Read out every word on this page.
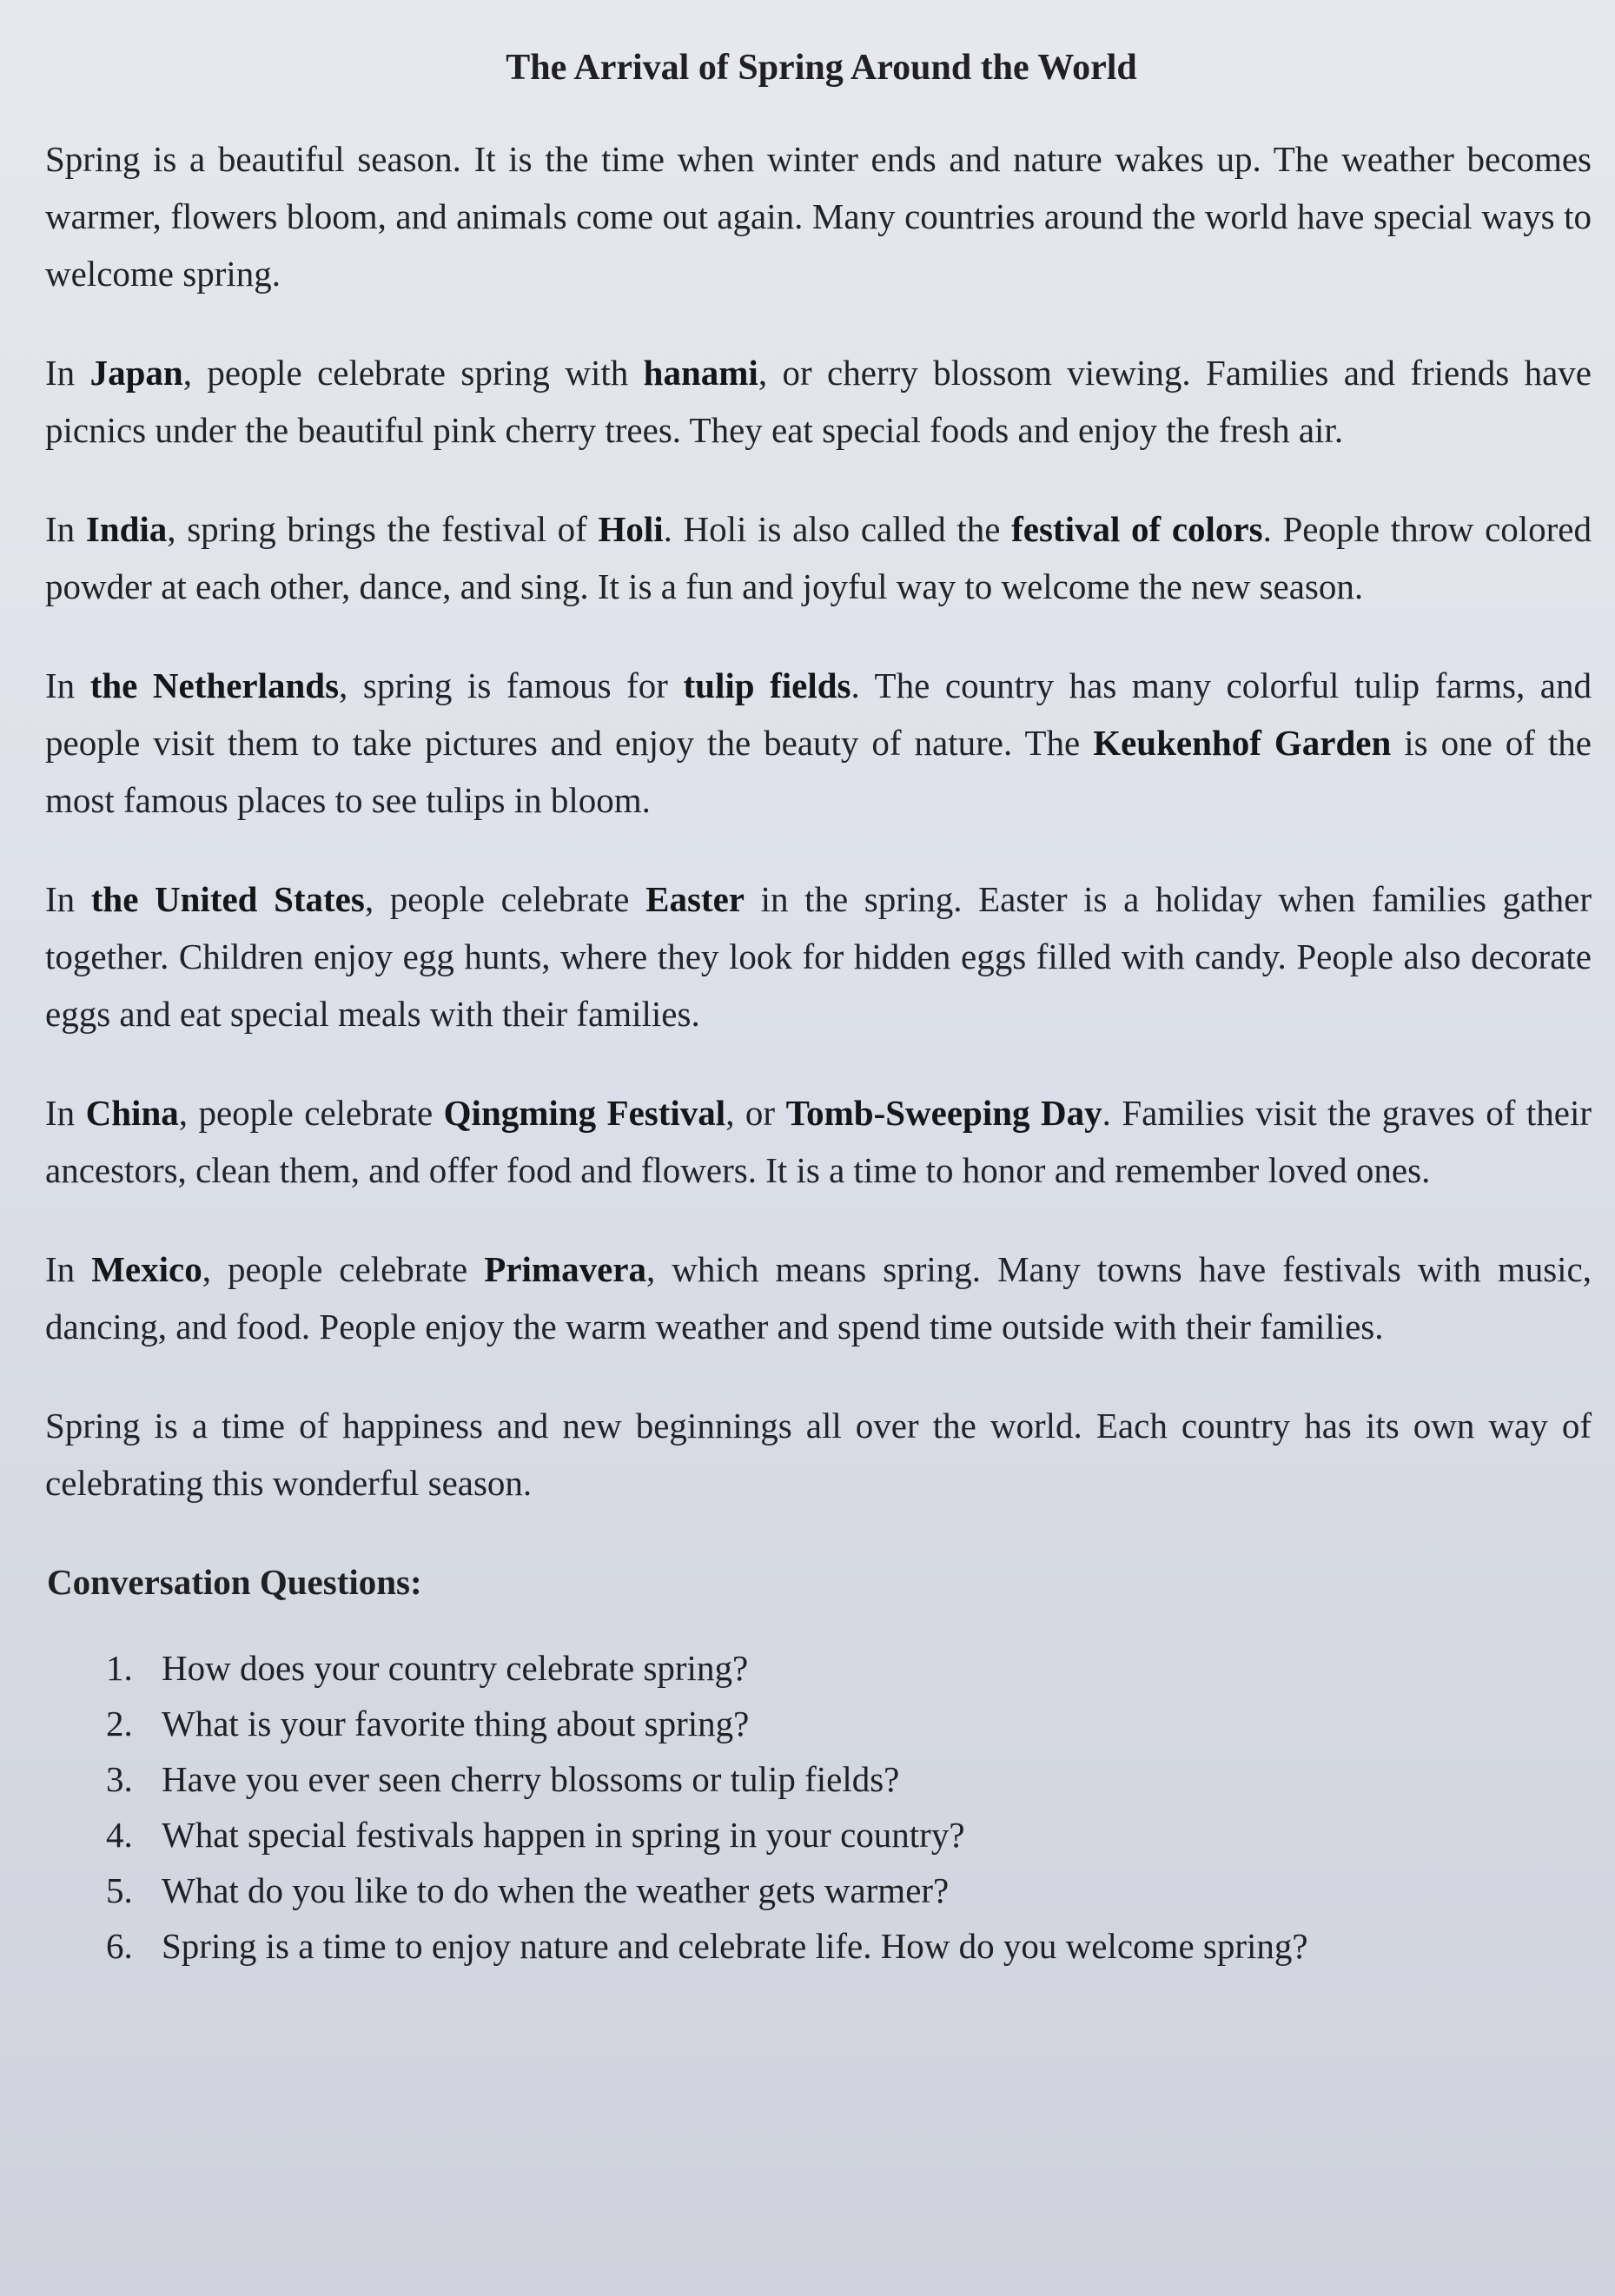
The Arrival of Spring Around the World

Spring is a beautiful season. It is the time when winter ends and nature wakes up. The weather becomes warmer, flowers bloom, and animals come out again. Many countries around the world have special ways to welcome spring.

In Japan, people celebrate spring with hanami, or cherry blossom viewing. Families and friends have picnics under the beautiful pink cherry trees. They eat special foods and enjoy the fresh air.

In India, spring brings the festival of Holi. Holi is also called the festival of colors. People throw colored powder at each other, dance, and sing. It is a fun and joyful way to welcome the new season.

In the Netherlands, spring is famous for tulip fields. The country has many colorful tulip farms, and people visit them to take pictures and enjoy the beauty of nature. The Keukenhof Garden is one of the most famous places to see tulips in bloom.

In the United States, people celebrate Easter in the spring. Easter is a holiday when families gather together. Children enjoy egg hunts, where they look for hidden eggs filled with candy. People also decorate eggs and eat special meals with their families.

In China, people celebrate Qingming Festival, or Tomb-Sweeping Day. Families visit the graves of their ancestors, clean them, and offer food and flowers. It is a time to honor and remember loved ones.

In Mexico, people celebrate Primavera, which means spring. Many towns have festivals with music, dancing, and food. People enjoy the warm weather and spend time outside with their families.

Spring is a time of happiness and new beginnings all over the world. Each country has its own way of celebrating this wonderful season.

Conversation Questions:
1. How does your country celebrate spring?
2. What is your favorite thing about spring?
3. Have you ever seen cherry blossoms or tulip fields?
4. What special festivals happen in spring in your country?
5. What do you like to do when the weather gets warmer?
6. Spring is a time to enjoy nature and celebrate life. How do you welcome spring?
